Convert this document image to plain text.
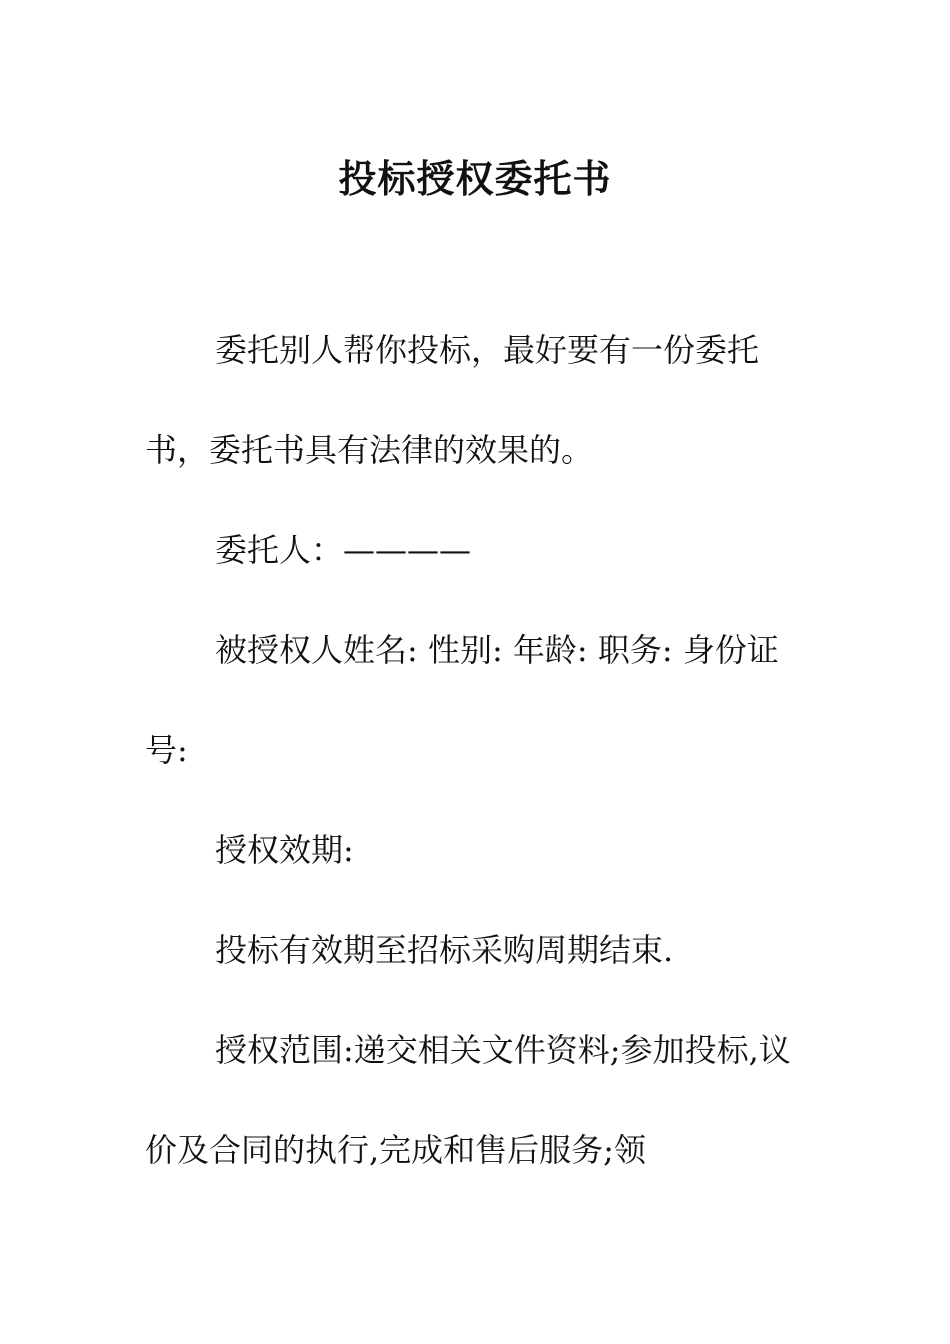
投标授权委托书

委托别人帮你投标，最好要有一份委托书，委托书具有法律的效果的。

委托人：————

被授权人姓名: 性别: 年龄: 职务: 身份证号:

授权效期:

投标有效期至招标采购周期结束.

授权范围:递交相关文件资料;参加投标,议价及合同的执行,完成和售后服务;领
